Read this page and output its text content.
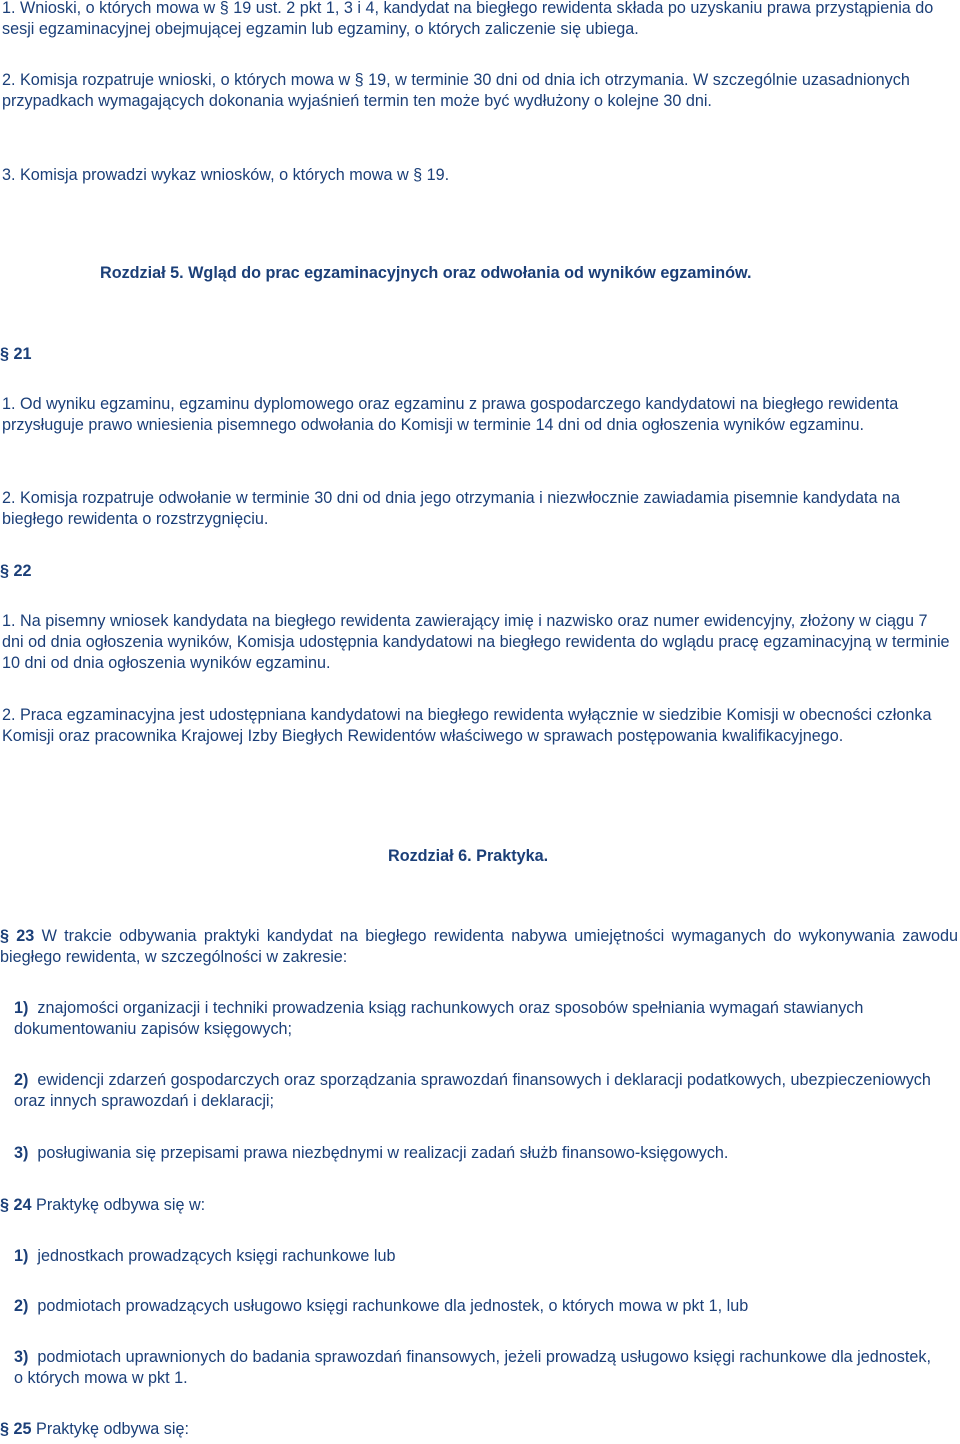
1. Wnioski, o których mowa w § 19 ust. 2 pkt 1, 3 i 4, kandydat na biegłego rewidenta składa po uzyskaniu prawa przystąpienia do sesji egzaminacyjnej obejmującej egzamin lub egzaminy, o których zaliczenie się ubiega.

2. Komisja rozpatruje wnioski, o których mowa w § 19, w terminie 30 dni od dnia ich otrzymania. W szczególnie uzasadnionych przypadkach wymagających dokonania wyjaśnień termin ten może być wydłużony o kolejne 30 dni.

3. Komisja prowadzi wykaz wniosków, o których mowa w § 19.

Rozdział 5. Wgląd do prac egzaminacyjnych oraz odwołania od wyników egzaminów.

§ 21

1. Od wyniku egzaminu, egzaminu dyplomowego oraz egzaminu z prawa gospodarczego kandydatowi na biegłego rewidenta przysługuje prawo wniesienia pisemnego odwołania do Komisji w terminie 14 dni od dnia ogłoszenia wyników egzaminu.

2. Komisja rozpatruje odwołanie w terminie 30 dni od dnia jego otrzymania i niezwłocznie zawiadamia pisemnie kandydata na biegłego rewidenta o rozstrzygnięciu.

§ 22

1. Na pisemny wniosek kandydata na biegłego rewidenta zawierający imię i nazwisko oraz numer ewidencyjny, złożony w ciągu 7 dni od dnia ogłoszenia wyników, Komisja udostępnia kandydatowi na biegłego rewidenta do wglądu pracę egzaminacyjną w terminie 10 dni od dnia ogłoszenia wyników egzaminu.

2. Praca egzaminacyjna jest udostępniana kandydatowi na biegłego rewidenta wyłącznie w siedzibie Komisji w obecności członka Komisji oraz pracownika Krajowej Izby Biegłych Rewidentów właściwego w sprawach postępowania kwalifikacyjnego.

Rozdział 6. Praktyka.

§ 23 W trakcie odbywania praktyki kandydat na biegłego rewidenta nabywa umiejętności wymaganych do wykonywania zawodu biegłego rewidenta, w szczególności w zakresie:
1) znajomości organizacji i techniki prowadzenia ksiąg rachunkowych oraz sposobów spełniania wymagań stawianych dokumentowaniu zapisów księgowych;
2) ewidencji zdarzeń gospodarczych oraz sporządzania sprawozdań finansowych i deklaracji podatkowych, ubezpieczeniowych oraz innych sprawozdań i deklaracji;
3) posługiwania się przepisami prawa niezbędnymi w realizacji zadań służb finansowo-księgowych.
§ 24 Praktykę odbywa się w:
1) jednostkach prowadzących księgi rachunkowe lub
2) podmiotach prowadzących usługowo księgi rachunkowe dla jednostek, o których mowa w pkt 1, lub
3) podmiotach uprawnionych do badania sprawozdań finansowych, jeżeli prowadzą usługowo księgi rachunkowe dla jednostek, o których mowa w pkt 1.
§ 25 Praktykę odbywa się:
